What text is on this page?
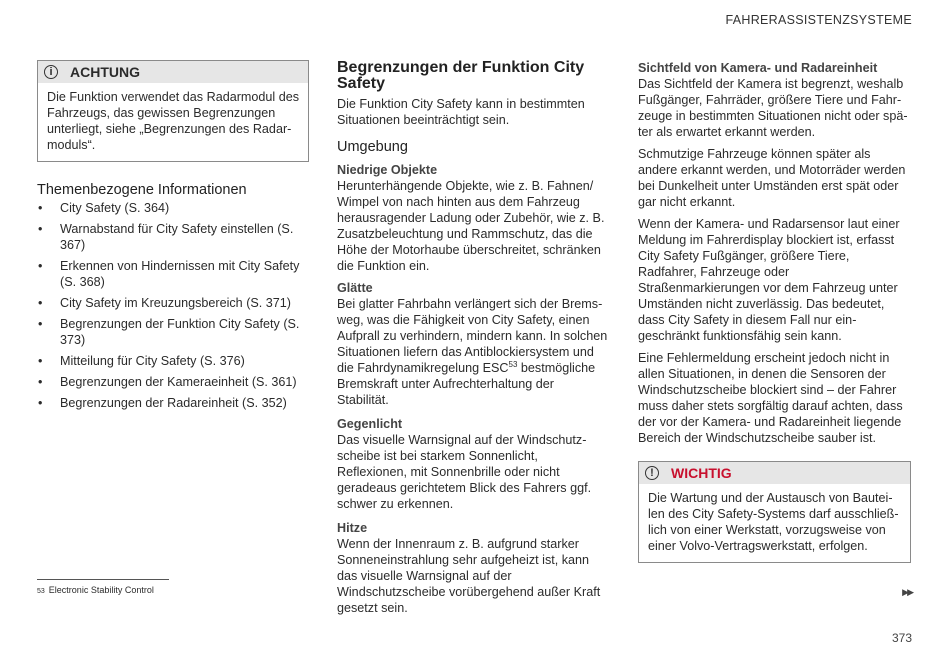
FAHRERASSISTENZSYSTEME
i	ACHTUNG
Die Funktion verwendet das Radarmodul des Fahrzeugs, das gewissen Begrenzungen unterliegt, siehe „Begrenzungen des Radarmoduls“.
Themenbezogene Informationen
• City Safety (S. 364)
• Warnabstand für City Safety einstellen (S. 367)
• Erkennen von Hindernissen mit City Safety (S. 368)
• City Safety im Kreuzungsbereich (S. 371)
• Begrenzungen der Funktion City Safety (S. 373)
• Mitteilung für City Safety (S. 376)
• Begrenzungen der Kameraeinheit (S. 361)
• Begrenzungen der Radareinheit (S. 352)
Begrenzungen der Funktion City Safety

Die Funktion City Safety kann in bestimmten Situationen beeinträchtigt sein.

Umgebung
Niedrige Objekte

Herunterhängende Objekte, wie z. B. Fahnen/ Wimpel von nach hinten aus dem Fahrzeug herausragender Ladung oder Zubehör, wie z. B. Zusatzbeleuchtung und Rammschutz, das die Höhe der Motorhaube überschreitet, schränken die Funktion ein.

Glätte

Bei glatter Fahrbahn verlängert sich der Bremsweg, was die Fähigkeit von City Safety, einen Aufprall zu verhindern, mindern kann. In solchen Situationen liefern das Antiblockiersystem und die Fahrdynamikregelung ESC$^{53}$ bestmögliche Bremskraft unter Aufrechterhaltung der Stabilität.

Gegenlicht

Das visuelle Warnsignal auf der Windschutzscheibe ist bei starkem Sonnenlicht, Reflexionen, mit Sonnenbrille oder nicht geradeaus gerichtetem Blick des Fahrers ggf. schwer zu erkennen.

Hitze

Wenn der Innenraum z. B. aufgrund starker Sonneneinstrahlung sehr aufgeheizt ist, kann das visuelle Warnsignal auf der Windschutzscheibe vorübergehend außer Kraft gesetzt sein.

Sichtfeld von Kamera- und Radareinheit

Das Sichtfeld der Kamera ist begrenzt, weshalb Fußgänger, Fahrräder, größere Tiere und Fahrzeuge in bestimmten Situationen nicht oder später als erwartet erkannt werden.

Schmutzige Fahrzeuge können später als andere erkannt werden, und Motorräder werden bei Dunkelheit unter Umständen erst spät oder gar nicht erkannt.

Wenn der Kamera- und Radarsensor laut einer Meldung im Fahrerdisplay blockiert ist, erfasst City Safety Fußgänger, größere Tiere, Radfahrer, Fahrzeuge oder Straßenmarkierungen vor dem Fahrzeug unter Umständen nicht zuverlässig. Das bedeutet, dass City Safety in diesem Fall nur eingeschränkt funktionsfähig sein kann.

Eine Fehlermeldung erscheint jedoch nicht in allen Situationen, in denen die Sensoren der Windschutzscheibe blockiert sind – der Fahrer muss daher stets sorgfältig darauf achten, dass der vor der Kamera- und Radareinheit liegende Bereich der Windschutzscheibe sauber ist.

!	WICHTIG
Die Wartung und der Austausch von Bauteilen des City Safety-Systems darf ausschließlich von einer Werkstatt, vorzugsweise von einer Volvo-Vertragswerkstatt, erfolgen.
53 Electronic Stability Control	▶▶
373
